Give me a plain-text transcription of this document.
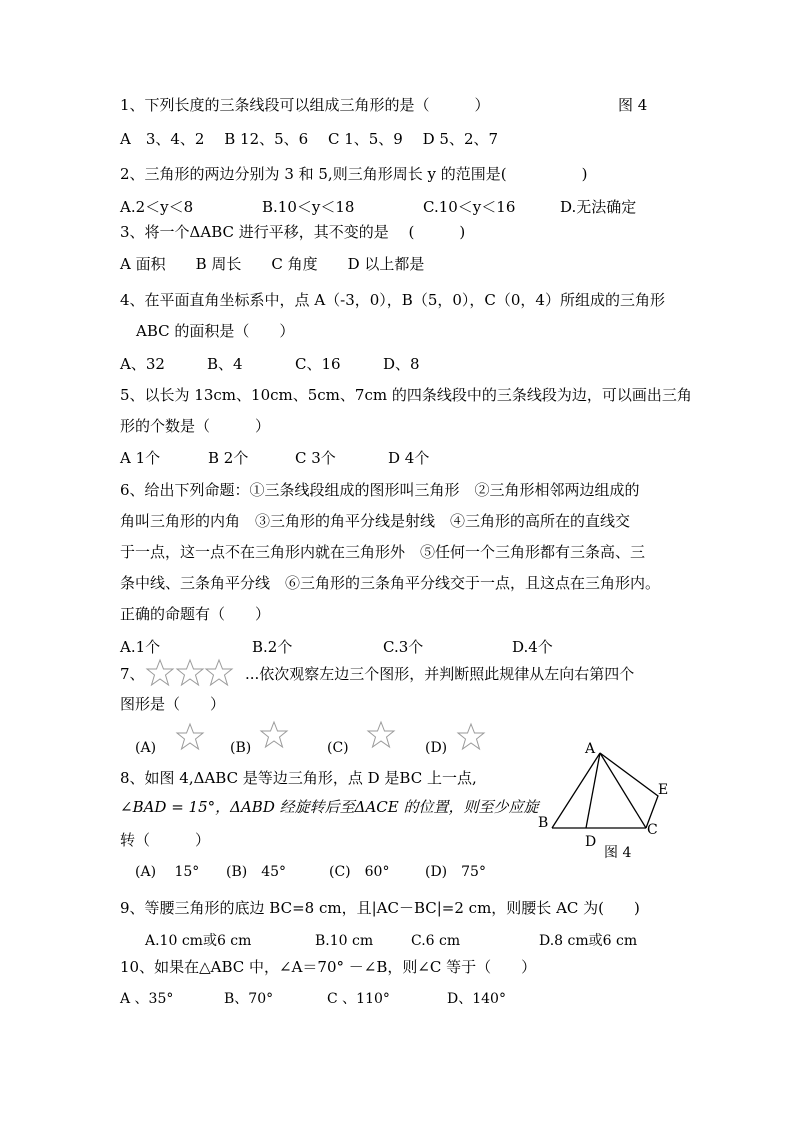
1、下列长度的三条线段可以组成三角形的是（　　　）	图 4
A　3、4、2　 B 12、5、6　 C 1、5、9　 D 5、2、7
2、三角形的两边分别为 3 和 5,则三角形周长 y 的范围是(　　　　　)
A.2＜y＜8	B.10＜y＜18	C.10＜y＜16	D.无法确定
3、将一个ΔABC 进行平移，其不变的是　 (　　　)
A 面积　　B 周长　　C 角度　　D 以上都是
4、在平面直角坐标系中，点 A（-3，0），B（5，0），C（0，4）所组成的三角形
ABC 的面积是（　　）
A、32	B、4	C、16	D、8
5、以长为 13cm、10cm、5cm、7cm 的四条线段中的三条线段为边，可以画出三角
形的个数是（　　　）
A 1个	B 2个	C 3个	D 4个
6、给出下列命题：①三条线段组成的图形叫三角形　②三角形相邻两边组成的
角叫三角形的内角　③三角形的角平分线是射线　④三角形的高所在的直线交
于一点，这一点不在三角形内就在三角形外　⑤任何一个三角形都有三条高、三
条中线、三条角平分线　⑥三角形的三条角平分线交于一点，且这点在三角形内。
正确的命题有（　　）
A.1个	B.2个	C.3个	D.4个
7、	...依次观察左边三个图形，并判断照此规律从左向右第四个
图形是（　　）
(A)	(B)	(C)	(D)
8、如图 4,ΔABC 是等边三角形，点 D 是BC 上一点,
∠BAD = 15°，ΔABD 经旋转后至ΔACE 的位置，则至少应旋
转（　　　）
(A)　 15° (B)　45°	(C)　60°	(D)　75°
A
B	C
D
E
图 4
9、等腰三角形的底边 BC=8 cm，且|AC－BC|=2 cm，则腰长 AC 为(　　)
A.10 cm或6 cm	B.10 cm	C.6 cm	D.8 cm或6 cm
10、如果在△ABC 中，∠A＝70° －∠B，则∠C 等于（　　）
A 、35°	B、70°	C 、110°	D、140°
